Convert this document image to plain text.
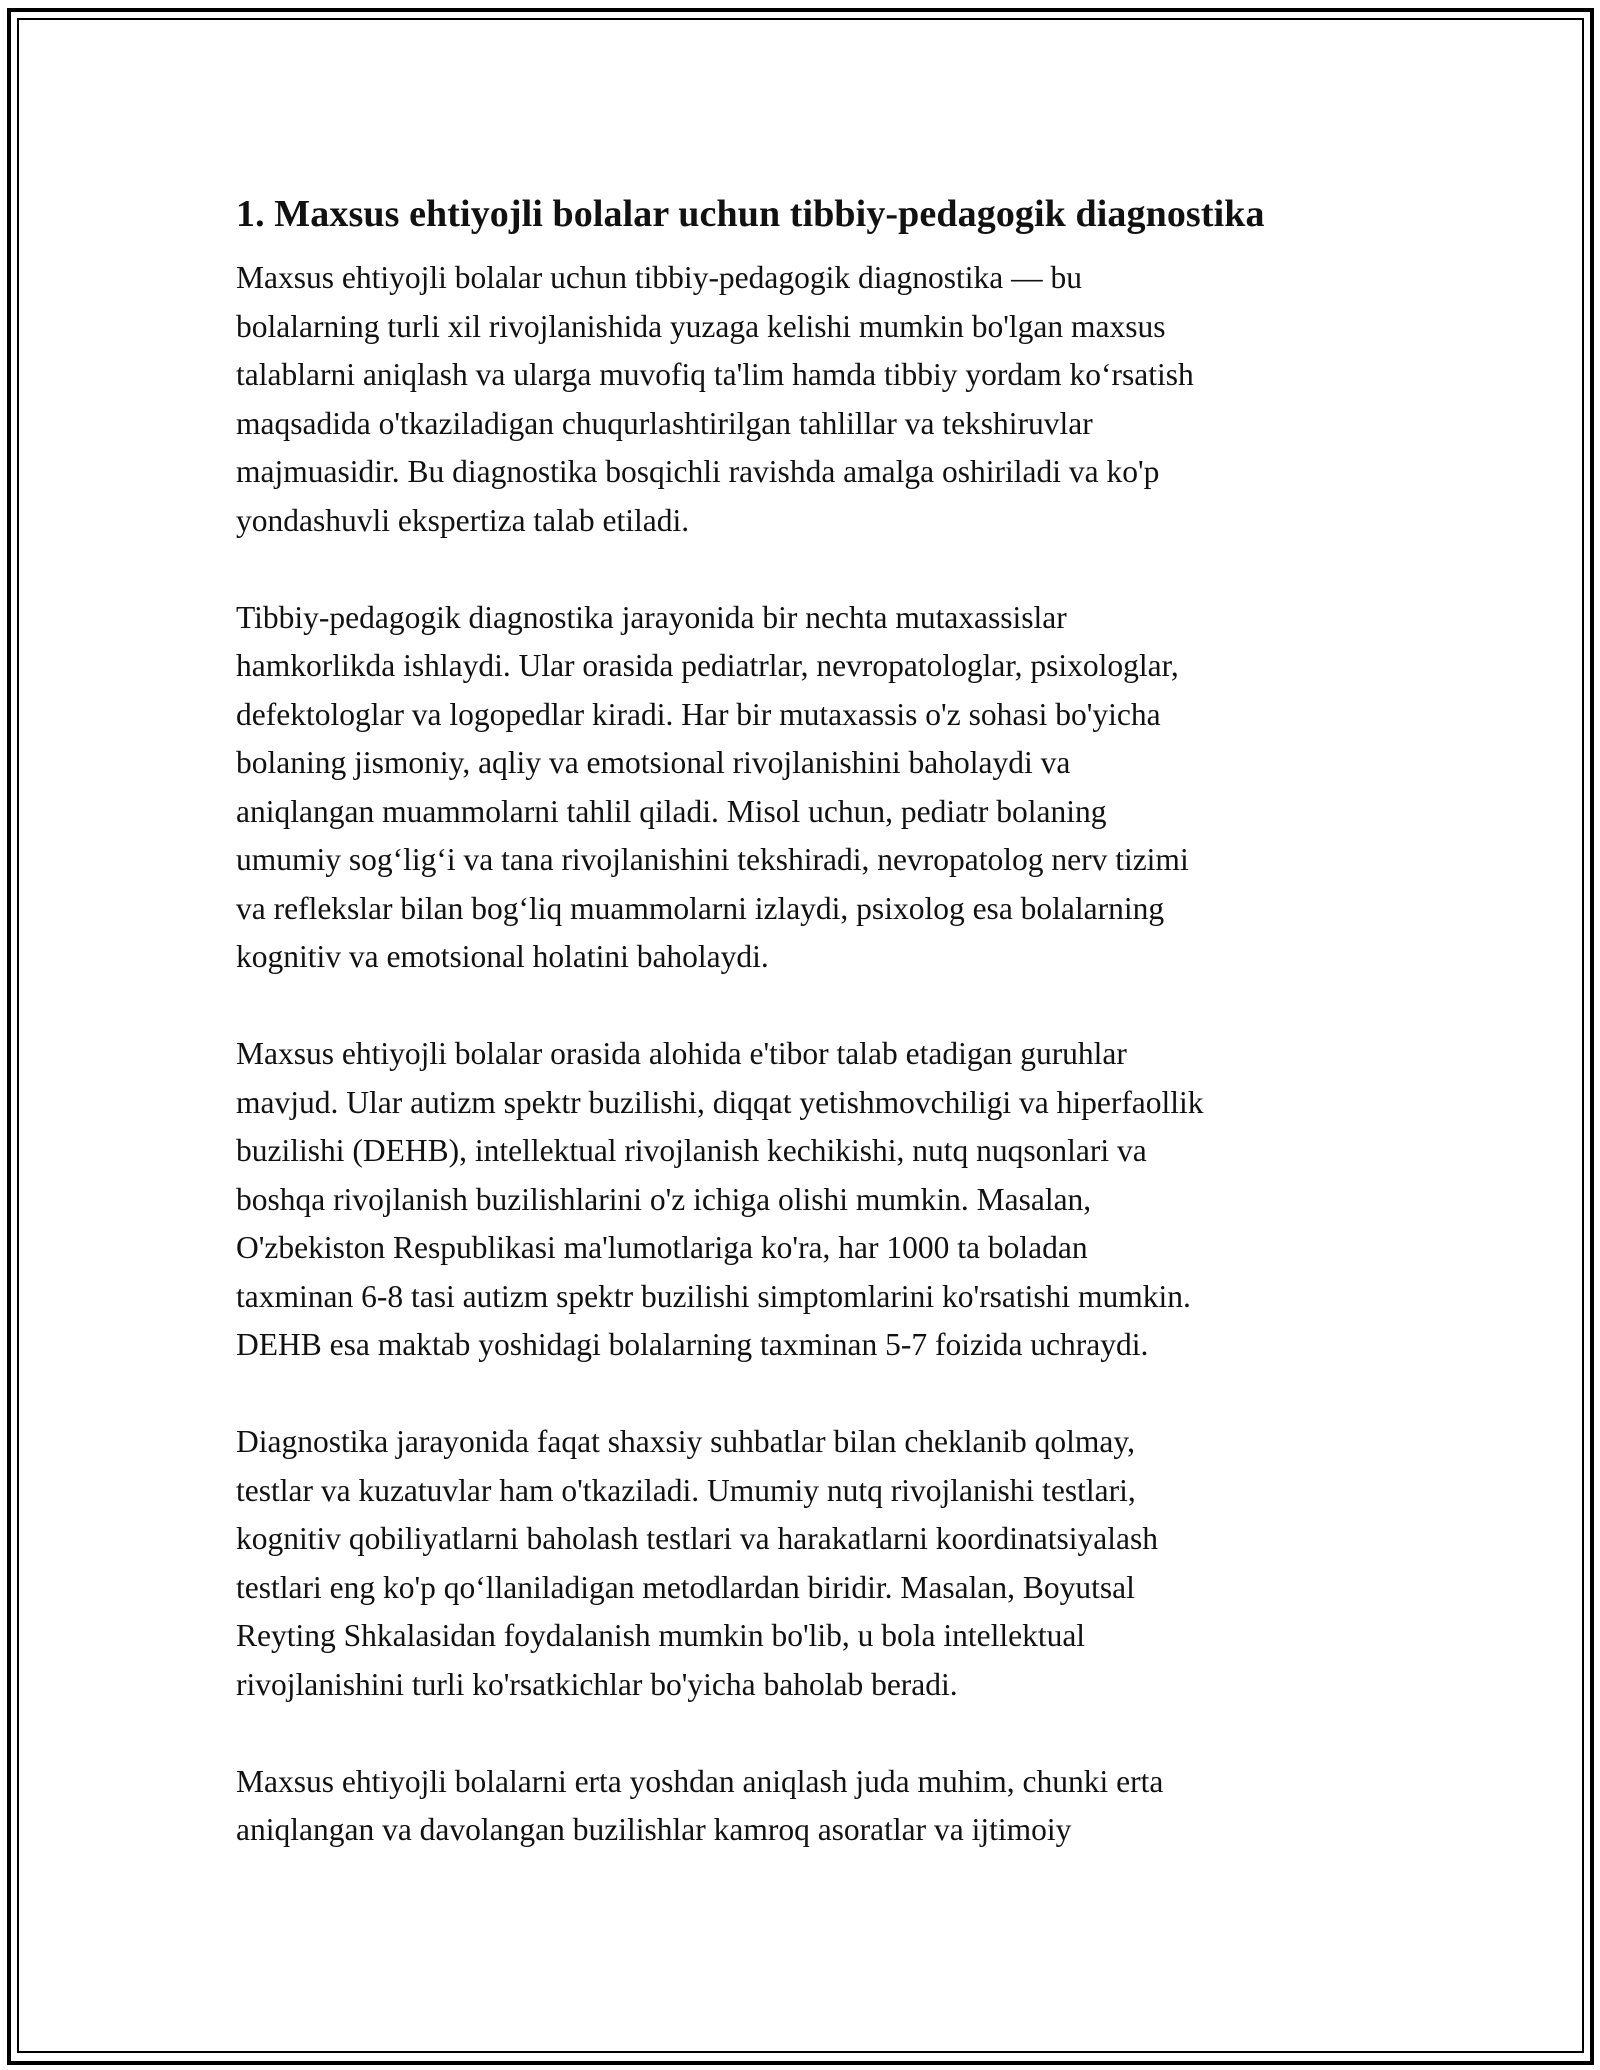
1. Maxsus ehtiyojli bolalar uchun tibbiy-pedagogik diagnostika

Maxsus ehtiyojli bolalar uchun tibbiy-pedagogik diagnostika — bu
bolalarning turli xil rivojlanishida yuzaga kelishi mumkin bo'lgan maxsus
talablarni aniqlash va ularga muvofiq ta'lim hamda tibbiy yordam ko‘rsatish
maqsadida o'tkaziladigan chuqurlashtirilgan tahlillar va tekshiruvlar
majmuasidir. Bu diagnostika bosqichli ravishda amalga oshiriladi va ko'p
yondashuvli ekspertiza talab etiladi.

Tibbiy-pedagogik diagnostika jarayonida bir nechta mutaxassislar
hamkorlikda ishlaydi. Ular orasida pediatrlar, nevropatologlar, psixologlar,
defektologlar va logopedlar kiradi. Har bir mutaxassis o'z sohasi bo'yicha
bolaning jismoniy, aqliy va emotsional rivojlanishini baholaydi va
aniqlangan muammolarni tahlil qiladi. Misol uchun, pediatr bolaning
umumiy sog‘lig‘i va tana rivojlanishini tekshiradi, nevropatolog nerv tizimi
va reflekslar bilan bog‘liq muammolarni izlaydi, psixolog esa bolalarning
kognitiv va emotsional holatini baholaydi.

Maxsus ehtiyojli bolalar orasida alohida e'tibor talab etadigan guruhlar
mavjud. Ular autizm spektr buzilishi, diqqat yetishmovchiligi va hiperfaollik
buzilishi (DEHB), intellektual rivojlanish kechikishi, nutq nuqsonlari va
boshqa rivojlanish buzilishlarini o'z ichiga olishi mumkin. Masalan,
O'zbekiston Respublikasi ma'lumotlariga ko'ra, har 1000 ta boladan
taxminan 6-8 tasi autizm spektr buzilishi simptomlarini ko'rsatishi mumkin.
DEHB esa maktab yoshidagi bolalarning taxminan 5-7 foizida uchraydi.

Diagnostika jarayonida faqat shaxsiy suhbatlar bilan cheklanib qolmay,
testlar va kuzatuvlar ham o'tkaziladi. Umumiy nutq rivojlanishi testlari,
kognitiv qobiliyatlarni baholash testlari va harakatlarni koordinatsiyalash
testlari eng ko'p qo‘llaniladigan metodlardan biridir. Masalan, Boyutsal
Reyting Shkalasidan foydalanish mumkin bo'lib, u bola intellektual
rivojlanishini turli ko'rsatkichlar bo'yicha baholab beradi.

Maxsus ehtiyojli bolalarni erta yoshdan aniqlash juda muhim, chunki erta
aniqlangan va davolangan buzilishlar kamroq asoratlar va ijtimoiy
